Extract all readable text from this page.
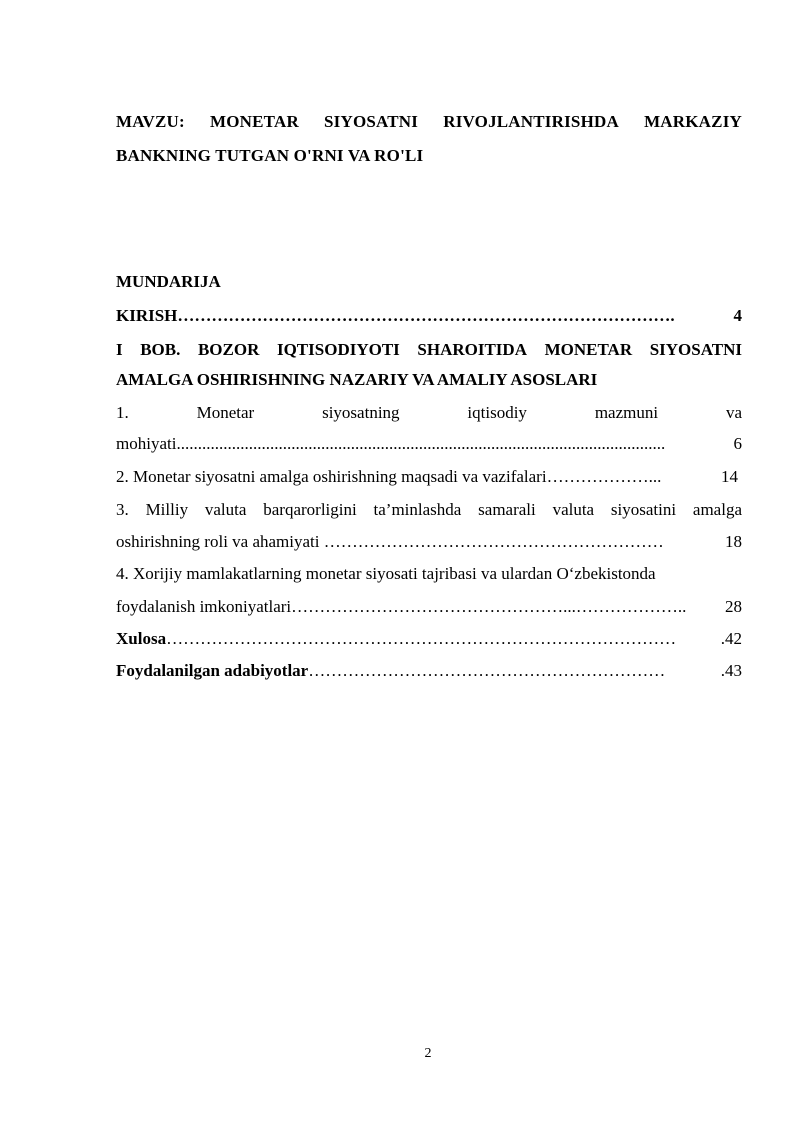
MAVZU: MONETAR SIYOSATNI RIVOJLANTIRISHDA MARKAZIY
BANKNING TUTGAN O'RNI VA RO'LI
MUNDARIJA
KIRISH …………………………………………………………………………….	4
I BOB. BOZOR IQTISODIYOTI SHAROITIDA MONETAR SIYOSATNI
AMALGA OSHIRISHNING NAZARIY VA AMALIY ASOSLARI
1.	Monetar	siyosatning	iqtisodiy	mazmuni	va
mohiyati ...................................................................................................................	6
2. Monetar siyosatni amalga oshirishning maqsadi va vazifalari ………………...	14
3. Milliy valuta barqarorligini ta’minlashda samarali valuta siyosatini amalga
oshirishning roli va ahamiyati ……………………………………………………	18
4. Xorijiy mamlakatlarning monetar siyosati tajribasi va ulardan O‘zbekistonda
foydalanish imkoniyatlari …………………………………………...………………..	28
Xulosa ………………………………………………………………………………	.42
Foydalanilgan adabiyotlar ………………………………………………………	.43
2
